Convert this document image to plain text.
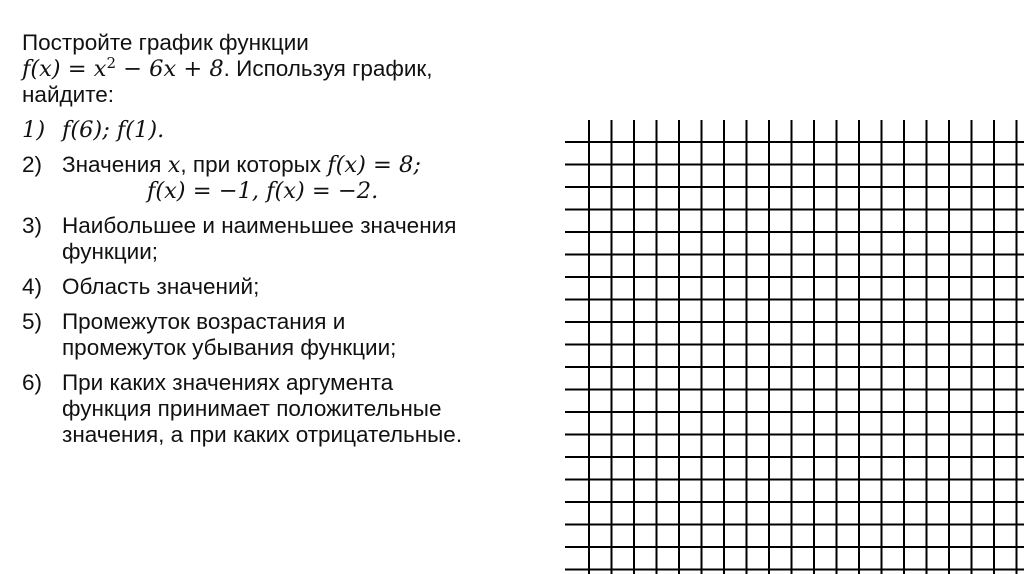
Постройте график функции
$f(x) = x^2 - 6x + 8$. Используя график,
найдите:
1) f(6); f(1).
2) Значения x, при которых f(x) = 8;
f(x) = −1, f(x) = −2.
3) Наибольшее и наименьшее значения
функции;
4) Область значений;
5) Промежуток возрастания и
промежуток убывания функции;
6) При каких значениях аргумента
функция принимает положительные
значения, а при каких отрицательные.
